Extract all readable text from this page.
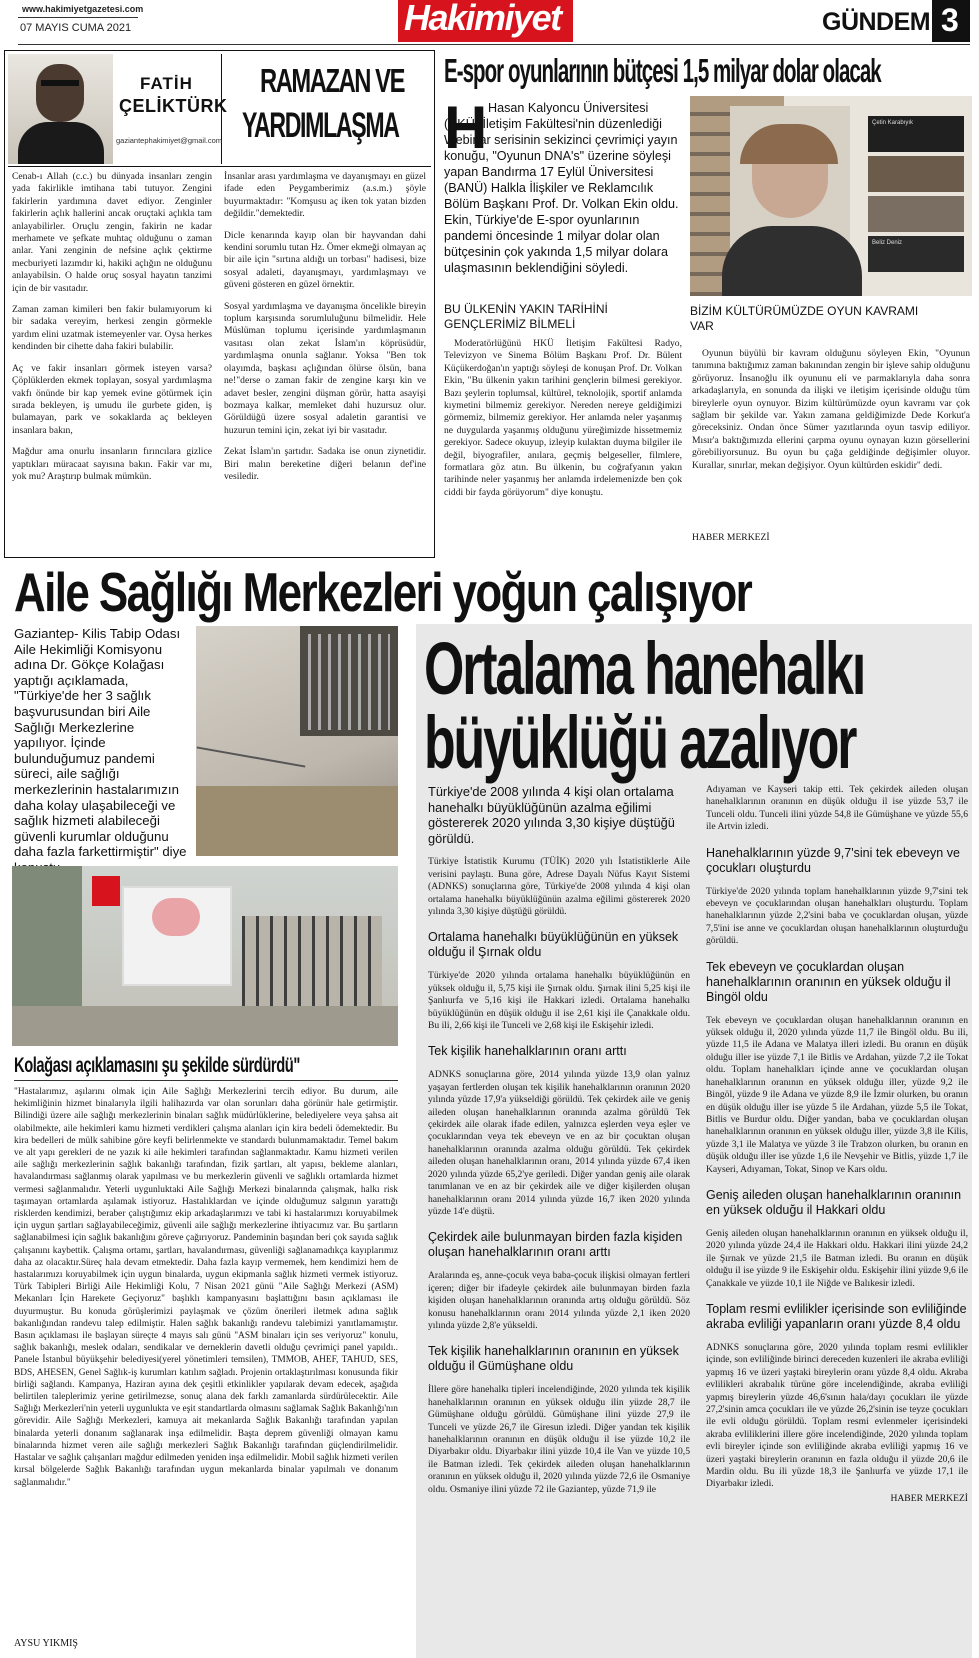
www.hakimiyetgazetesi.com
07 MAYIS CUMA 2021	Hakimiyet	GÜNDEM 3
FATİH
ÇELİKTÜRK
gaziantephakimiyet@gmail.com
RAMAZAN VE
YARDIMLAŞMA

Cenab-ı Allah (c.c.) bu dünyada insanları zengin yada fakirlikle imtihana tabi tutuyor. Zengini fakirlerin yardımına davet ediyor. Zenginler fakirlerin açlık hallerini ancak oruçtaki açlıkla tam anlayabilirler. Oruçlu zengin, fakirin ne kadar merhamete ve şefkate muhtaç olduğunu o zaman anlar. Yani zenginin de nefsine açlık çektirme mecburiyeti lazımdır ki, hakiki açlığın ne olduğunu anlayabilsin. O halde oruç sosyal hayatın tanzimi için de bir vasıtadır.

Zaman zaman kimileri ben fakir bulamıyorum ki bir sadaka vereyim, herkesi zengin görmekle yardım elini uzatmak istemeyenler var. Oysa herkes kendinden bir cihette daha fakiri bulabilir.

Aç ve fakir insanları görmek isteyen varsa? Çöplüklerden ekmek toplayan, sosyal yardımlaşma vakfı önünde bir kap yemek evine götürmek için sırada bekleyen, iş umudu ile gurbete giden, iş bulamayan, park ve sokaklarda aç bekleyen insanlara bakın,

Mağdur ama onurlu insanların fırıncılara gizlice yaptıkları müracaat sayısına bakın. Fakir var mı, yok mu? Araştırıp bulmak mümkün.

İnsanlar arası yardımlaşma ve dayanışmayı en güzel ifade eden Peygamberimiz (a.s.m.) şöyle buyurmaktadır: "Komşusu aç iken tok yatan bizden değildir."demektedir.

Dicle kenarında kayıp olan bir hayvandan dahi kendini sorumlu tutan Hz. Ömer ekmeği olmayan aç bir aile için "sırtına aldığı un torbası" hadisesi, bize sosyal adaleti, dayanışmayı, yardımlaşmayı ve güveni gösteren en güzel örnektir.

Sosyal yardımlaşma ve dayanışma öncelikle bireyin toplum karşısında sorumluluğunu bilmelidir. Hele Müslüman toplumu içerisinde yardımlaşmanın vasıtası olan zekat İslam'ın köprüsüdür, yardımlaşma onunla sağlanır. Yoksa "Ben tok olayımda, başkası açlığından ölürse ölsün, bana ne!"derse o zaman fakir de zengine karşı kin ve adavet besler, zengini düşman görür, hatta asayişi bozmaya kalkar, memleket dahi huzursuz olur. Görüldüğü üzere sosyal adaletin garantisi ve huzurun temini için, zekat iyi bir vasıtadır.

Zekat İslam'ın şartıdır. Sadaka ise onun ziynetidir. Biri malın bereketine diğeri belanın def'ine vesiledir.

E-spor oyunlarının bütçesi 1,5 milyar dolar olacak
H Hasan Kalyoncu Üniversitesi (HKÜ) İletişim Fakültesi'nin düzenlediği Webinar serisinin sekizinci çevrimiçi yayın konuğu, "Oyunun DNA's" üzerine söyleşi yapan Bandırma 17 Eylül Üniversitesi (BANÜ) Halkla İlişkiler ve Reklamcılık Bölüm Başkanı Prof. Dr. Volkan Ekin oldu. Ekin, Türkiye'de E-spor oyunlarının pandemi öncesinde 1 milyar dolar olan bütçesinin çok yakında 1,5 milyar dolara ulaşmasının beklendiğini söyledi.
BU ÜLKENİN YAKIN TARİHİNİ GENÇLERİMİZ BİLMELİ
Moderatörlüğünü HKÜ İletişim Fakültesi Radyo, Televizyon ve Sinema Bölüm Başkanı Prof. Dr. Bülent Küçükerdoğan'ın yaptığı söyleşi de konuşan Prof. Dr. Volkan Ekin, "Bu ülkenin yakın tarihini gençlerin bilmesi gerekiyor. Bazı şeylerin toplumsal, kültürel, teknolojik, sportif anlamda kıymetini bilmemiz gerekiyor. Nereden nereye geldiğimizi görmemiz, bilmemiz gerekiyor. Her anlamda neler yaşanmış ne duygularda yaşanmış olduğunu yüreğimizde hissetmemiz gerekiyor. Sadece okuyup, izleyip kulaktan duyma bilgiler ile değil, biyografiler, anılara, geçmiş belgeseller, filmlere, formatlara göz atın. Bu ülkenin, bu coğrafyanın yakın tarihinde neler yaşanmış her anlamda irdelemenizde ben çok ciddi bir fayda görüyorum" diye konuştu.
Çetin Karabıyık
Beliz Deniz
BİZİM KÜLTÜRÜMÜZDE OYUN KAVRAMI VAR
Oyunun büyülü bir kavram olduğunu söyleyen Ekin, "Oyunun tanımına baktığımız zaman bakınından zengin bir işleve sahip olduğunu görüyoruz. İnsanoğlu ilk oyununu eli ve parmaklarıyla daha sonra arkadaşlarıyla, en sonunda da ilişki ve iletişim içerisinde olduğu tüm bireylerle oyun oynuyor. Bizim kültürümüzde oyun kavramı var çok sağlam bir şekilde var. Yakın zamana geldiğimizde Dede Korkut'a göreceksiniz. Ondan önce Sümer yazıtlarında oyun tasvip ediliyor. Mısır'a baktığımızda ellerini çarpma oyunu oynayan kızın görsellerini görebiliyorsunuz. Bu oyun bu çağa geldiğinde değişimler oluyor. Kurallar, sınırlar, mekan değişiyor. Oyun kültürden eskidir" dedi.
HABER MERKEZİ
Aile Sağlığı Merkezleri yoğun çalışıyor
Gaziantep- Kilis Tabip Odası Aile Hekimliği Komisyonu adına Dr. Gökçe Kolağası yaptığı açıklamada, "Türkiye'de her 3 sağlık başvurusundan biri Aile Sağlığı Merkezlerine yapılıyor. İçinde bulunduğumuz pandemi süreci, aile sağlığı merkezlerinin hastalarımızın daha kolay ulaşabileceği ve sağlık hizmeti alabileceği güvenli kurumlar olduğunu daha fazla farkettirmiştir" diye
Kolağası açıklamasını şu şekilde sürdürdü"
"Hastalarımız, aşılarını olmak için Aile Sağlığı Merkezlerini tercih ediyor. Bu durum, aile hekimliğinin hizmet binalarıyla ilgili halihazırda var olan sorunları daha görünür hale getirmiştir. Bilindiği üzere aile sağlığı merkezlerinin binaları sağlık müdürlüklerine, belediyelere veya şahsa ait olabilmekte, aile hekimleri kamu hizmeti verdikleri çalışma alanları için kira bedeli ödemektedir. Bu kira bedelleri de mülk sahibine göre keyfi belirlenmekte ve standardı bulunmamaktadır. Temel bakım ve alt yapı gerekleri de ne yazık ki aile hekimleri tarafından sağlanmaktadır. Kamu hizmeti verilen aile sağlığı merkezlerinin sağlık bakanlığı tarafından, fizik şartları, alt yapısı, bekleme alanları, havalandırması sağlanmış olarak yapılması ve bu merkezlerin güvenli ve sağlıklı ortamlarda hizmet vermesi sağlanmalıdır. Yeterli uygunluktaki Aile Sağlığı Merkezi binalarında çalışmak, halkı risk taşımayan ortamlarda aşılamak istiyoruz. Hastalıklardan ve içinde olduğumuz salgının yarattığı risklerden kendimizi, beraber çalıştığımız ekip arkadaşlarımızı ve tabi ki hastalarımızı koruyabilmek için uygun şartları sağlayabileceğimiz, güvenli aile sağlığı merkezlerine ihtiyacımız var. Bu şartların sağlanabilmesi için sağlık bakanlığını göreve çağırıyoruz. Pandeminin başından beri çok sayıda sağlık çalışanını kaybettik. Çalışma ortamı, şartları, havalandırması, güvenliği sağlanamadıkça kayıplarımız daha az olacaktır.Süreç hala devam etmektedir. Daha fazla kayıp vermemek, hem kendimizi hem de hastalarımızı koruyabilmek için uygun binalarda, uygun ekipmanla sağlık hizmeti vermek istiyoruz. Türk Tabipleri Birliği Aile Hekimliği Kolu, 7 Nisan 2021 günü "Aile Sağlığı Merkezi (ASM) Mekanları İçin Harekete Geçiyoruz" başlıklı kampanyasını başlattığını basın açıklaması ile duyurmuştur. Bu konuda görüşlerimizi paylaşmak ve çözüm önerileri iletmek adına sağlık bakanlığından randevu talep edilmiştir. Halen sağlık bakanlığı randevu talebimizi yanıtlamamıştır. Basın açıklaması ile başlayan süreçte 4 mayıs salı günü "ASM binaları için ses veriyoruz" konulu, sağlık bakanlığı, meslek odaları, sendikalar ve derneklerin davetli olduğu çevrimiçi panel yapıldı.. Panele İstanbul büyükşehir belediyesi(yerel yönetimleri temsilen), TMMOB, AHEF, TAHUD, SES, BDS, AHESEN, Genel Sağlık-iş kurumları katılım sağladı. Projenin ortaklaştırılması konusunda fikir birliği sağlandı. Kampanya, Haziran ayına dek çeşitli etkinlikler yapılarak devam edecek, aşağıda belirtilen taleplerimiz yerine getirilmezse, sonuç alana dek farklı zamanlarda sürdürülecektir. Aile Sağlığı Merkezleri'nin yeterli uygunlukta ve eşit standartlarda olmasını sağlamak Sağlık Bakanlığı'nın görevidir. Aile Sağlığı Merkezleri, kamuya ait mekanlarda Sağlık Bakanlığı tarafından yapılan binalarda yeterli donanım sağlanarak inşa edilmelidir. Başta deprem güvenliği olmayan kamu binalarında hizmet veren aile sağlığı merkezleri Sağlık Bakanlığı tarafından güçlendirilmelidir. Hastalar ve sağlık çalışanları mağdur edilmeden yeniden inşa edilmelidir. Mobil sağlık hizmeti verilen kırsal bölgelerde Sağlık Bakanlığı tarafından uygun mekanlarda binalar yapılmalı ve donanım sağlanmalıdır."
AYSU YIKMIŞ
Ortalama hanehalkı
büyüklüğü azalıyor
Türkiye'de 2008 yılında 4 kişi olan ortalama hanehalkı büyüklüğünün azalma eğilimi göstererek 2020 yılında 3,30 kişiye düştüğü görüldü.
Türkiye İstatistik Kurumu (TÜİK) 2020 yılı İstatistiklerle Aile verisini paylaştı. Buna göre, Adrese Dayalı Nüfus Kayıt Sistemi (ADNKS) sonuçlarına göre, Türkiye'de 2008 yılında 4 kişi olan ortalama hanehalkı büyüklüğünün azalma eğilimi göstererek 2020 yılında 3,30 kişiye düştüğü görüldü.
Ortalama hanehalkı büyüklüğünün en yüksek olduğu il Şırnak oldu
Türkiye'de 2020 yılında ortalama hanehalkı büyüklüğünün en yüksek olduğu il, 5,75 kişi ile Şırnak oldu. Şırnak ilini 5,25 kişi ile Şanlıurfa ve 5,16 kişi ile Hakkari izledi. Ortalama hanehalkı büyüklüğünün en düşük olduğu il ise 2,61 kişi ile Çanakkale oldu. Bu ili, 2,66 kişi ile Tunceli ve 2,68 kişi ile Eskişehir izledi.
Tek kişilik hanehalklarının oranı arttı
ADNKS sonuçlarına göre, 2014 yılında yüzde 13,9 olan yalnız yaşayan fertlerden oluşan tek kişilik hanehalklarının oranının 2020 yılında yüzde 17,9'a yükseldiği görüldü. Tek çekirdek aile ve geniş aileden oluşan hanehalklarının oranında azalma görüldü Tek çekirdek aile olarak ifade edilen, yalnızca eşlerden veya eşler ve çocuklarından veya tek ebeveyn ve en az bir çocuktan oluşan hanehalklarının oranında azalma olduğu görüldü. Tek çekirdek aileden oluşan hanehalklarının oranı, 2014 yılında yüzde 67,4 iken 2020 yılında yüzde 65,2'ye geriledi. Diğer yandan geniş aile olarak tanımlanan ve en az bir çekirdek aile ve diğer kişilerden oluşan hanehalklarının oranı 2014 yılında yüzde 16,7 iken 2020 yılında yüzde 14'e düştü.
Çekirdek aile bulunmayan birden fazla kişiden oluşan hanehalklarının oranı arttı
Aralarında eş, anne-çocuk veya baba-çocuk ilişkisi olmayan fertleri içeren; diğer bir ifadeyle çekirdek aile bulunmayan birden fazla kişiden oluşan hanehalklarının oranında artış olduğu görüldü. Söz konusu hanehalklarının oranı 2014 yılında yüzde 2,1 iken 2020 yılında yüzde 2,8'e yükseldi.
Tek kişilik hanehalklarının oranının en yüksek olduğu il Gümüşhane oldu
İllere göre hanehalkı tipleri incelendiğinde, 2020 yılında tek kişilik hanehalklarının oranının en yüksek olduğu ilin yüzde 28,7 ile Gümüşhane olduğu görüldü. Gümüşhane ilini yüzde 27,9 ile Tunceli ve yüzde 26,7 ile Giresun izledi. Diğer yandan tek kişilik hanehalklarının oranının en düşük olduğu il ise yüzde 10,2 ile Diyarbakır oldu. Diyarbakır ilini yüzde 10,4 ile Van ve yüzde 10,5 ile Batman izledi. Tek çekirdek aileden oluşan hanehalklarının oranının en yüksek olduğu il, 2020 yılında yüzde 72,6 ile Osmaniye oldu. Osmaniye ilini yüzde 72 ile Gaziantep, yüzde 71,9 ile
Adıyaman ve Kayseri takip etti. Tek çekirdek aileden oluşan hanehalklarının oranının en düşük olduğu il ise yüzde 53,7 ile Tunceli oldu. Tunceli ilini yüzde 54,8 ile Gümüşhane ve yüzde 55,6 ile Artvin izledi.
Hanehalklarının yüzde 9,7'sini tek ebeveyn ve çocukları oluşturdu
Türkiye'de 2020 yılında toplam hanehalklarının yüzde 9,7'sini tek ebeveyn ve çocuklarından oluşan hanehalkları oluşturdu. Toplam hanehalklarının yüzde 2,2'sini baba ve çocuklardan oluşan, yüzde 7,5'ini ise anne ve çocuklardan oluşan hanehalklarının oluşturduğu görüldü.
Tek ebeveyn ve çocuklardan oluşan hanehalklarının oranının en yüksek olduğu il Bingöl oldu
Tek ebeveyn ve çocuklardan oluşan hanehalklarının oranının en yüksek olduğu il, 2020 yılında yüzde 11,7 ile Bingöl oldu. Bu ili, yüzde 11,5 ile Adana ve Malatya illeri izledi. Bu oranın en düşük olduğu iller ise yüzde 7,1 ile Bitlis ve Ardahan, yüzde 7,2 ile Tokat oldu. Toplam hanehalkları içinde anne ve çocuklardan oluşan hanehalklarının oranının en yüksek olduğu iller, yüzde 9,2 ile Bingöl, yüzde 9 ile Adana ve yüzde 8,9 ile İzmir olurken, bu oranın en düşük olduğu iller ise yüzde 5 ile Ardahan, yüzde 5,5 ile Tokat, Bitlis ve Burdur oldu. Diğer yandan, baba ve çocuklardan oluşan hanehalklarının oranının en yüksek olduğu iller, yüzde 3,8 ile Kilis, yüzde 3,1 ile Malatya ve yüzde 3 ile Trabzon olurken, bu oranın en düşük olduğu iller ise yüzde 1,6 ile Nevşehir ve Bitlis, yüzde 1,7 ile Kayseri, Adıyaman, Tokat, Sinop ve Kars oldu.
Geniş aileden oluşan hanehalklarının oranının en yüksek olduğu il Hakkari oldu
Geniş aileden oluşan hanehalklarının oranının en yüksek olduğu il, 2020 yılında yüzde 24,4 ile Hakkari oldu. Hakkari ilini yüzde 24,2 ile Şırnak ve yüzde 21,5 ile Batman izledi. Bu oranın en düşük olduğu il ise yüzde 9 ile Eskişehir oldu. Eskişehir ilini yüzde 9,6 ile Çanakkale ve yüzde 10,1 ile Niğde ve Balıkesir izledi.
Toplam resmi evlilikler içerisinde son evliliğinde akraba evliliği yapanların oranı yüzde 8,4 oldu
ADNKS sonuçlarına göre, 2020 yılında toplam resmi evlilikler içinde, son evliliğinde birinci dereceden kuzenleri ile akraba evliliği yapmış 16 ve üzeri yaştaki bireylerin oranı yüzde 8,4 oldu. Akraba evlilikleri akrabalık türüne göre incelendiğinde, akraba evliliği yapmış bireylerin yüzde 46,6'sının hala/dayı çocukları ile yüzde 27,2'sinin amca çocukları ile ve yüzde 26,2'sinin ise teyze çocukları ile evli olduğu görüldü. Toplam resmi evlenmeler içerisindeki akraba evliliklerini illere göre incelendiğinde, 2020 yılında toplam evli bireyler içinde son evliliğinde akraba evliliği yapmış 16 ve üzeri yaştaki bireylerin oranının en fazla olduğu il yüzde 20,6 ile Mardin oldu. Bu ili yüzde 18,3 ile Şanlıurfa ve yüzde 17,1 ile Diyarbakır izledi.
HABER MERKEZİ
